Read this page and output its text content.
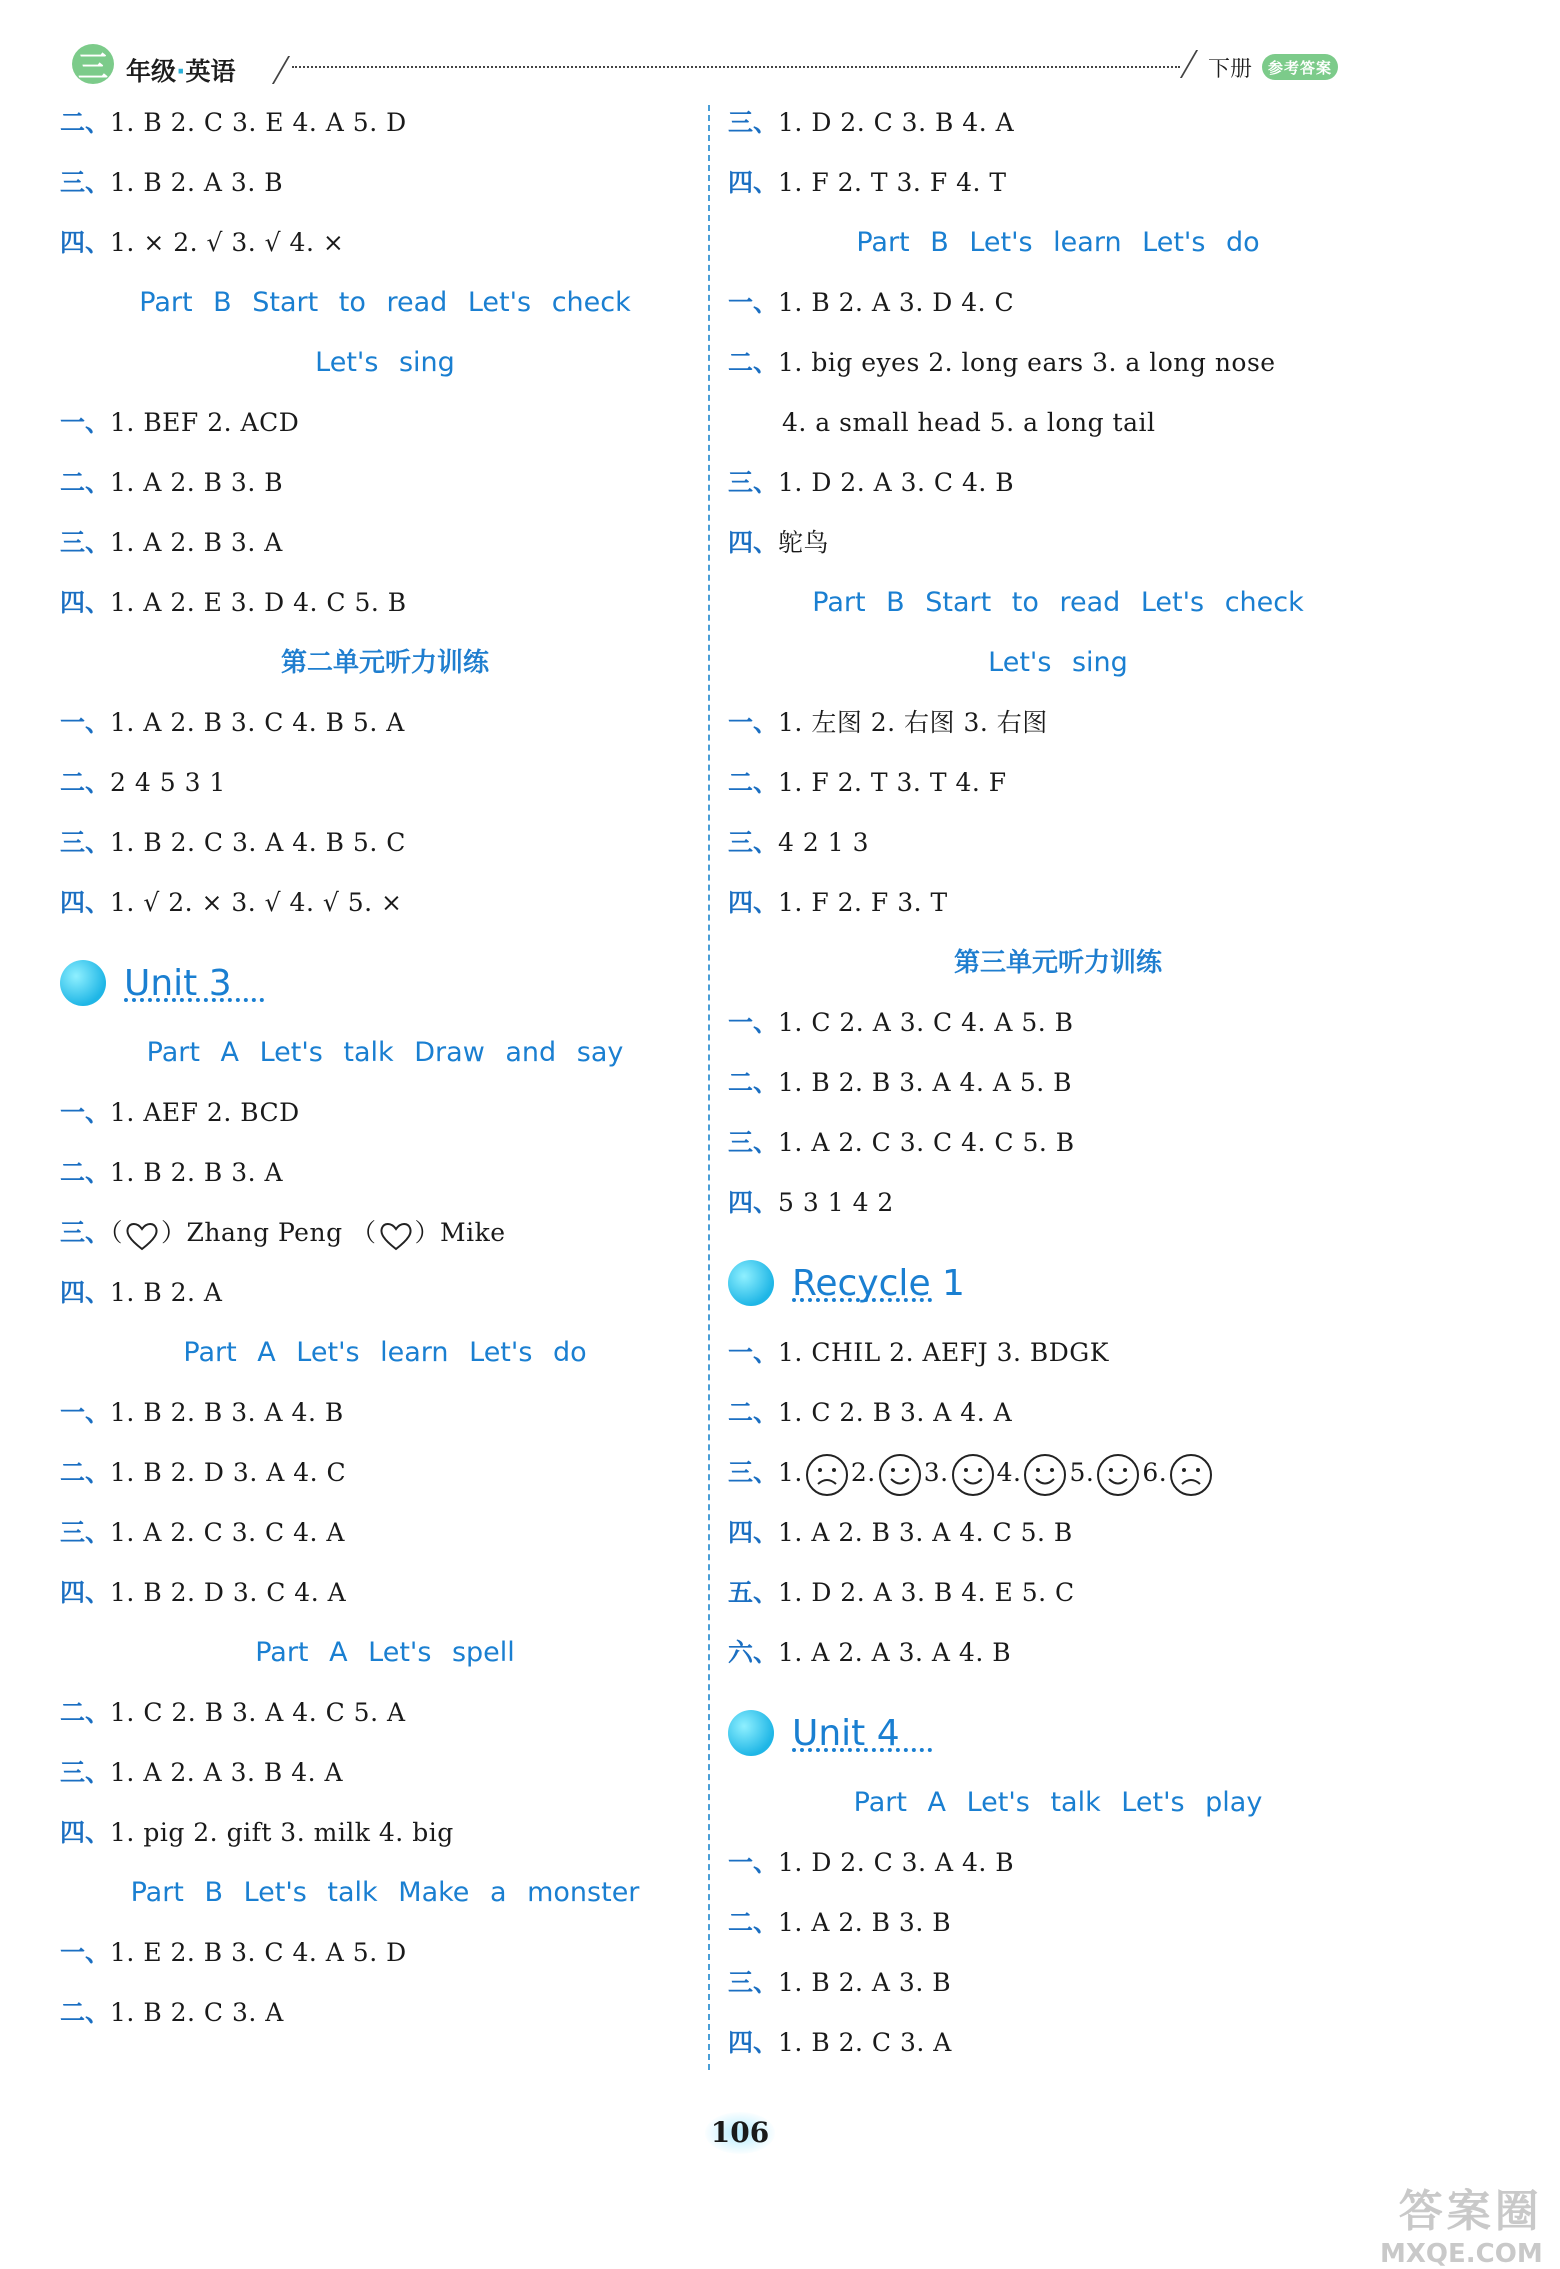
三 年级·英语	下册	参考答案
二、1. B 2. C 3. E 4. A 5. D
三、1. B 2. A 3. B
四、1. × 2. √ 3. √ 4. ×
Part B Start to read Let's check
Let's sing
一、1. BEF 2. ACD
二、1. A 2. B 3. B
三、1. A 2. B 3. A
四、1. A 2. E 3. D 4. C 5. B
第二单元听力训练
一、1. A 2. B 3. C 4. B 5. A
二、2 4 5 3 1
三、1. B 2. C 3. A 4. B 5. C
四、1. √ 2. × 3. √ 4. √ 5. ×
Unit 3
Part A Let's talk Draw and say
一、1. AEF 2. BCD
二、1. B 2. B 3. A
三、（ ）Zhang Peng （ ）Mike
四、1. B 2. A
Part A Let's learn Let's do
一、1. B 2. B 3. A 4. B
二、1. B 2. D 3. A 4. C
三、1. A 2. C 3. C 4. A
四、1. B 2. D 3. C 4. A
Part A Let's spell
二、1. C 2. B 3. A 4. C 5. A
三、1. A 2. A 3. B 4. A
四、1. pig 2. gift 3. milk 4. big
Part B Let's talk Make a monster
一、1. E 2. B 3. C 4. A 5. D
二、1. B 2. C 3. A
三、1. D 2. C 3. B 4. A
四、1. F 2. T 3. F 4. T
Part B Let's learn Let's do
一、1. B 2. A 3. D 4. C
二、1. big eyes 2. long ears 3. a long nose
4. a small head 5. a long tail
三、1. D 2. A 3. C 4. B
四、鸵鸟
Part B Start to read Let's check
Let's sing
一、1. 左图 2. 右图 3. 右图
二、1. F 2. T 3. T 4. F
三、4 2 1 3
四、1. F 2. F 3. T
第三单元听力训练
一、1. C 2. A 3. C 4. A 5. B
二、1. B 2. B 3. A 4. A 5. B
三、1. A 2. C 3. C 4. C 5. B
四、5 3 1 4 2
Recycle 1
一、1. CHIL 2. AEFJ 3. BDGK
二、1. C 2. B 3. A 4. A
三、1. 2. 3. 4. 5. 6.
四、1. A 2. B 3. A 4. C 5. B
五、1. D 2. A 3. B 4. E 5. C
六、1. A 2. A 3. A 4. B
Unit 4
Part A Let's talk Let's play
一、1. D 2. C 3. A 4. B
二、1. A 2. B 3. B
三、1. B 2. A 3. B
四、1. B 2. C 3. A
106
答案圈
MXQE.COM
